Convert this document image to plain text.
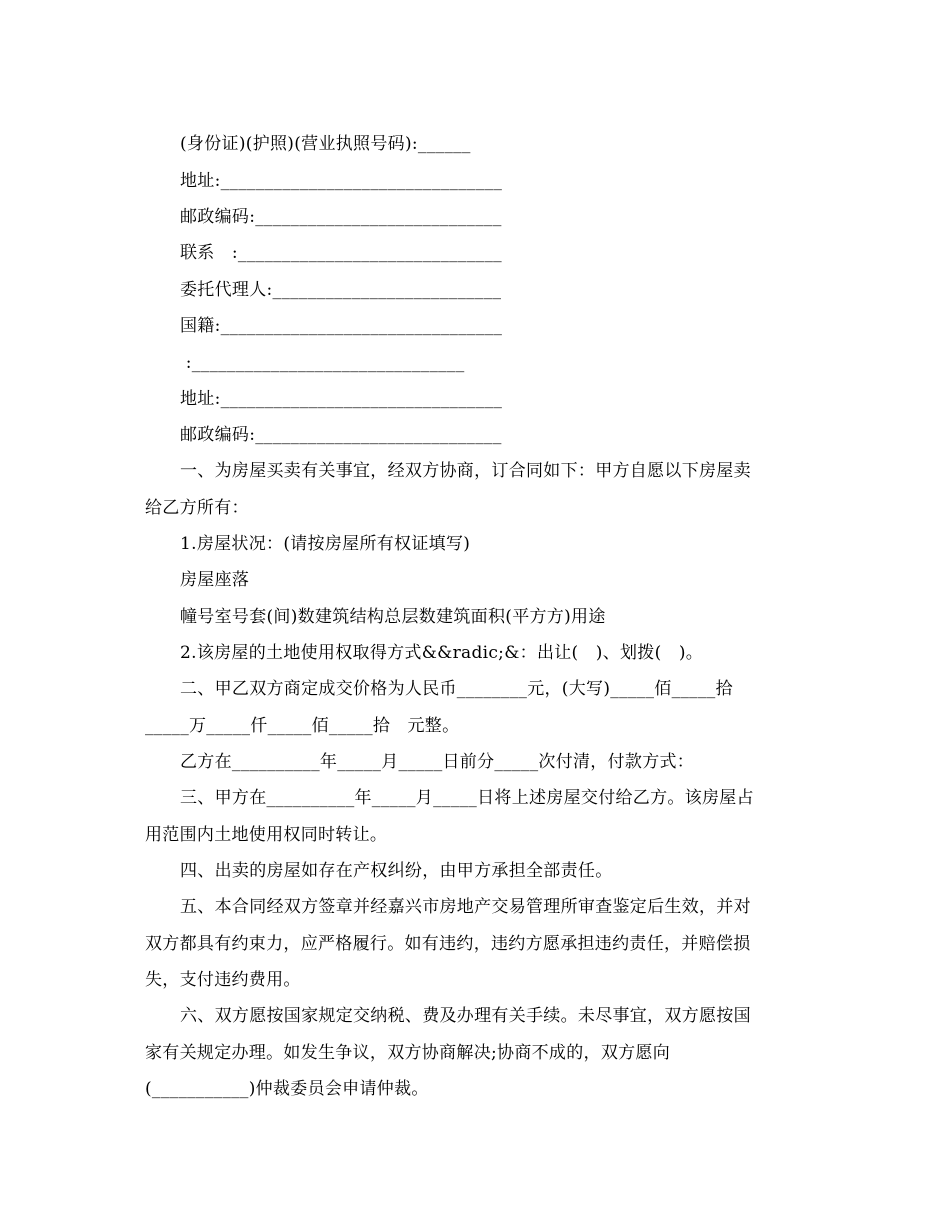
(身份证)(护照)(营业执照号码):______
地址:________________________________
邮政编码:____________________________
联系　:______________________________
委托代理人:__________________________
国籍:________________________________
:_______________________________
地址:________________________________
邮政编码:____________________________
一、为房屋买卖有关事宜，经双方协商，订合同如下：甲方自愿以下房屋卖
给乙方所有：
1.房屋状况：(请按房屋所有权证填写)
房屋座落
幢号室号套(间)数建筑结构总层数建筑面积(平方方)用途
2.该房屋的土地使用权取得方式&&radic;&：出让(　)、划拨(　)。
二、甲乙双方商定成交价格为人民币________元，(大写)_____佰_____拾
_____万_____仟_____佰_____拾　元整。
乙方在__________年_____月_____日前分_____次付清，付款方式：
三、甲方在__________年_____月_____日将上述房屋交付给乙方。该房屋占
用范围内土地使用权同时转让。
四、出卖的房屋如存在产权纠纷，由甲方承担全部责任。
五、本合同经双方签章并经嘉兴市房地产交易管理所审查鉴定后生效，并对
双方都具有约束力，应严格履行。如有违约，违约方愿承担违约责任，并赔偿损
失，支付违约费用。
六、双方愿按国家规定交纳税、费及办理有关手续。未尽事宜，双方愿按国
家有关规定办理。如发生争议，双方协商解决;协商不成的，双方愿向
(___________)仲裁委员会申请仲裁。
